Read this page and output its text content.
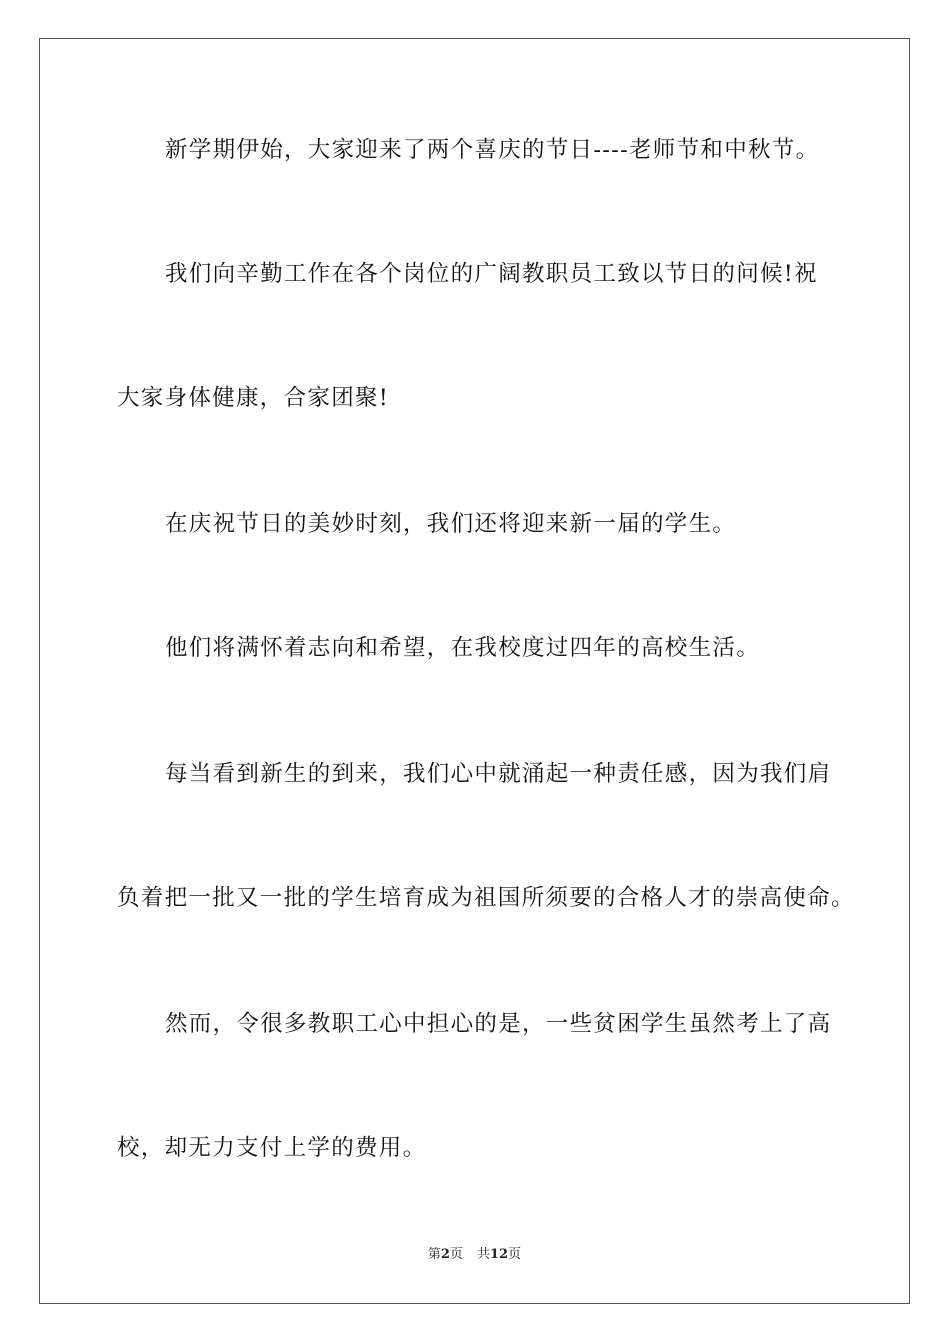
新学期伊始，大家迎来了两个喜庆的节日----老师节和中秋节。
我们向辛勤工作在各个岗位的广阔教职员工致以节日的问候!祝
大家身体健康，合家团聚!
在庆祝节日的美妙时刻，我们还将迎来新一届的学生。
他们将满怀着志向和希望，在我校度过四年的高校生活。
每当看到新生的到来，我们心中就涌起一种责任感，因为我们肩
负着把一批又一批的学生培育成为祖国所须要的合格人才的崇高使命。
然而，令很多教职工心中担心的是，一些贫困学生虽然考上了高
校，却无力支付上学的费用。
第2页 共12页
